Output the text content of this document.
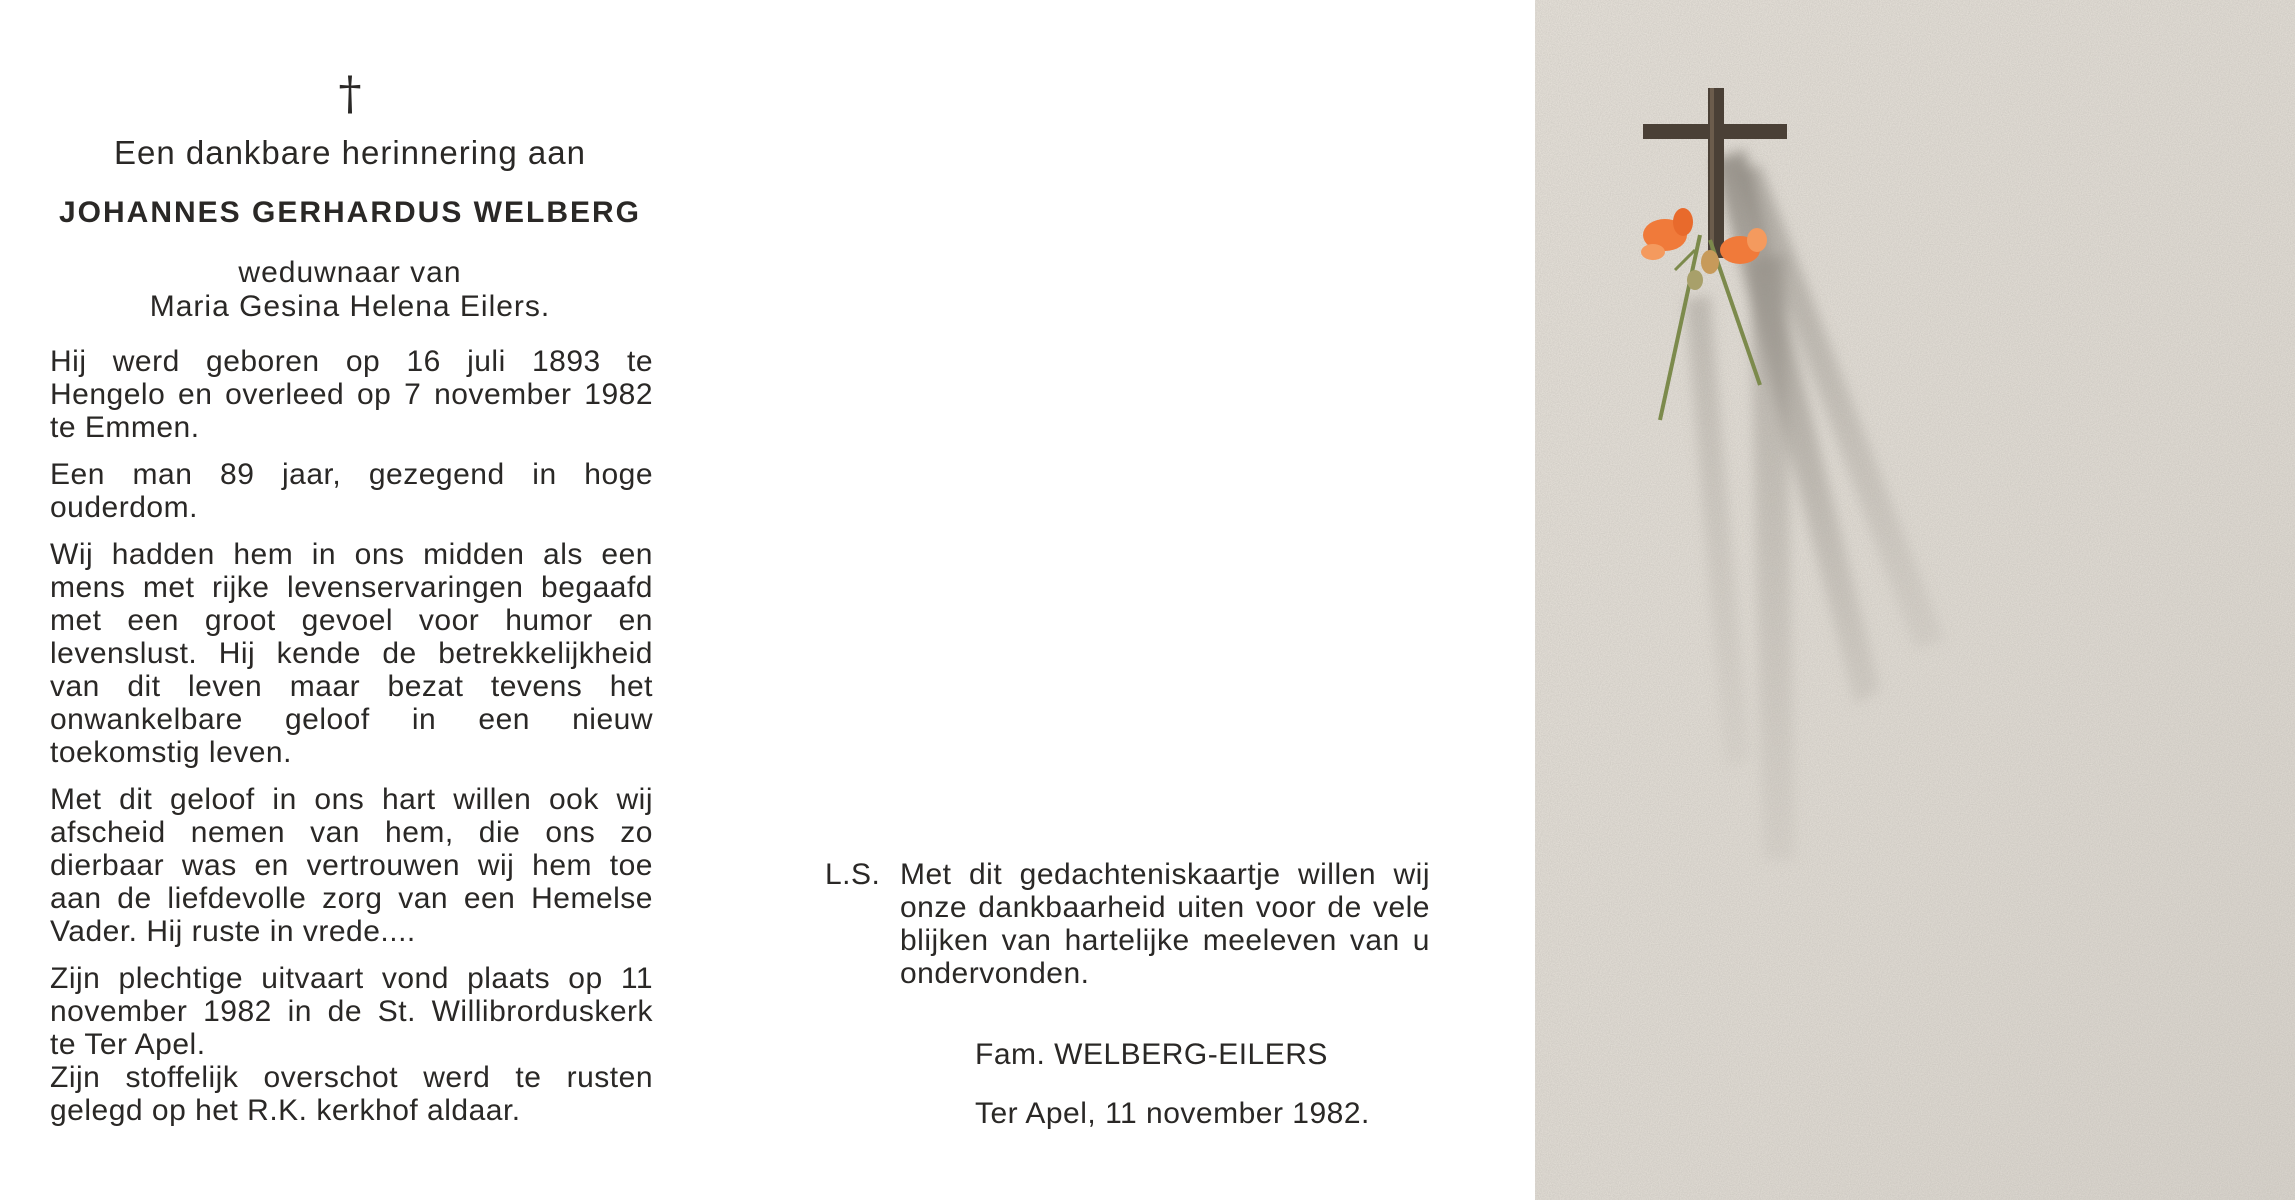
†
Een dankbare herinnering aan
JOHANNES GERHARDUS WELBERG
weduwnaar van
Maria Gesina Helena Eilers.

Hij werd geboren op 16 juli 1893 te Hengelo en overleed op 7 november 1982 te Emmen.

Een man 89 jaar, gezegend in hoge ouderdom.

Wij hadden hem in ons midden als een mens met rijke levenservaringen begaafd met een groot gevoel voor humor en levenslust. Hij kende de betrekkelijkheid van dit leven maar bezat tevens het onwankelbare geloof in een nieuw toekomstig leven.

Met dit geloof in ons hart willen ook wij afscheid nemen van hem, die ons zo dierbaar was en vertrouwen wij hem toe aan de liefdevolle zorg van een Hemelse Vader. Hij ruste in vrede....

Zijn plechtige uitvaart vond plaats op 11 november 1982 in de St. Willibrorduskerk te Ter Apel.

Zijn stoffelijk overschot werd te rusten gelegd op het R.K. kerkhof aldaar.

L.S. Met dit gedachteniskaartje willen wij onze dankbaarheid uiten voor de vele blijken van hartelijke meeleven van u ondervonden.
Fam. WELBERG-EILERS
Ter Apel, 11 november 1982.
